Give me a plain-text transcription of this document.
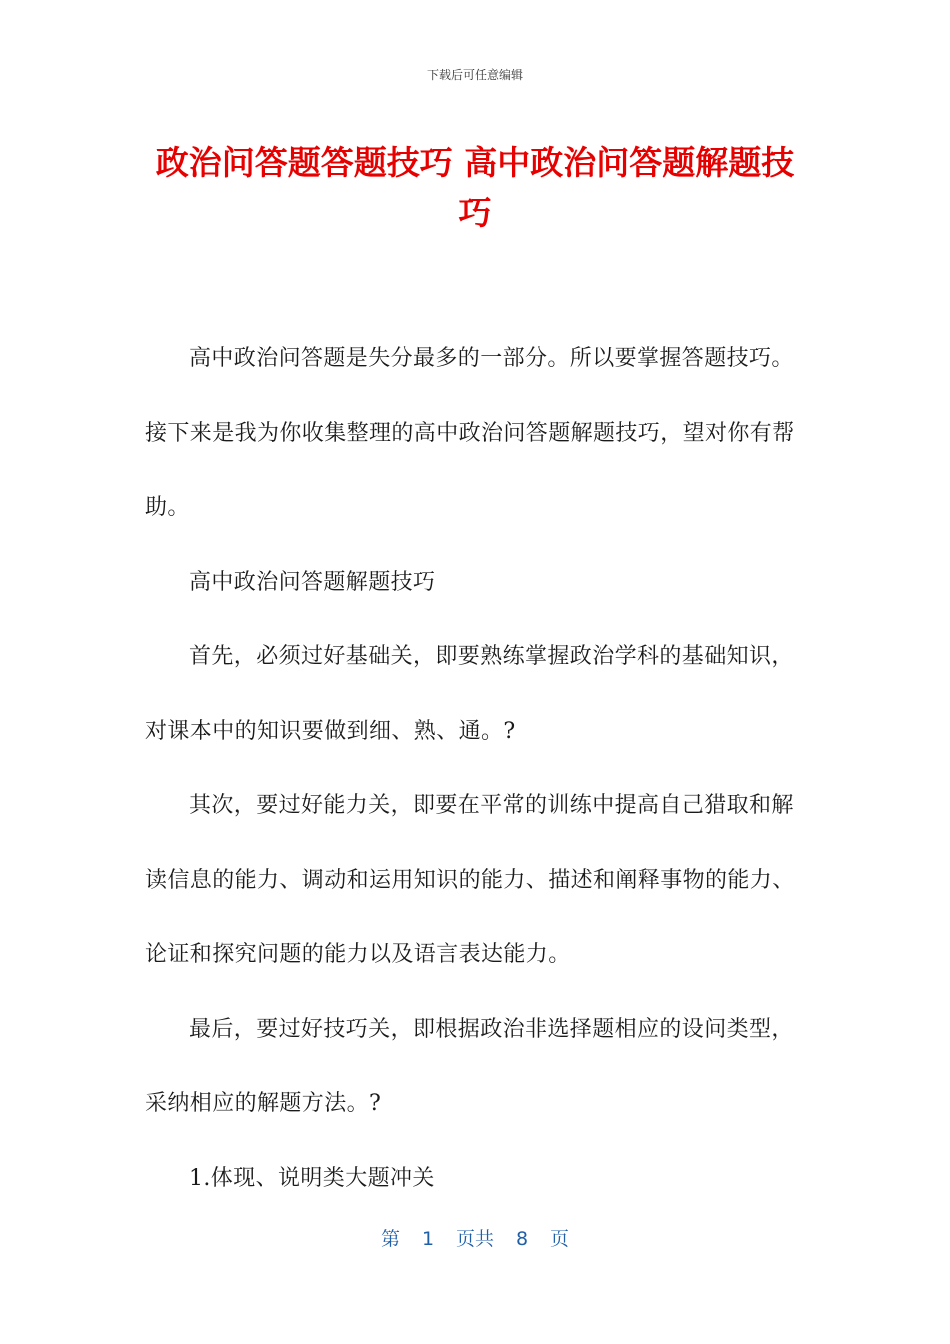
下载后可任意编辑
政治问答题答题技巧 高中政治问答题解题技巧

高中政治问答题是失分最多的一部分。所以要掌握答题技巧。接下来是我为你收集整理的高中政治问答题解题技巧，望对你有帮助。

高中政治问答题解题技巧

首先，必须过好基础关，即要熟练掌握政治学科的基础知识，对课本中的知识要做到细、熟、通。?

其次，要过好能力关，即要在平常的训练中提高自己猎取和解读信息的能力、调动和运用知识的能力、描述和阐释事物的能力、论证和探究问题的能力以及语言表达能力。

最后，要过好技巧关，即根据政治非选择题相应的设问类型，采纳相应的解题方法。?

1.体现、说明类大题冲关

第 1 页共 8 页
